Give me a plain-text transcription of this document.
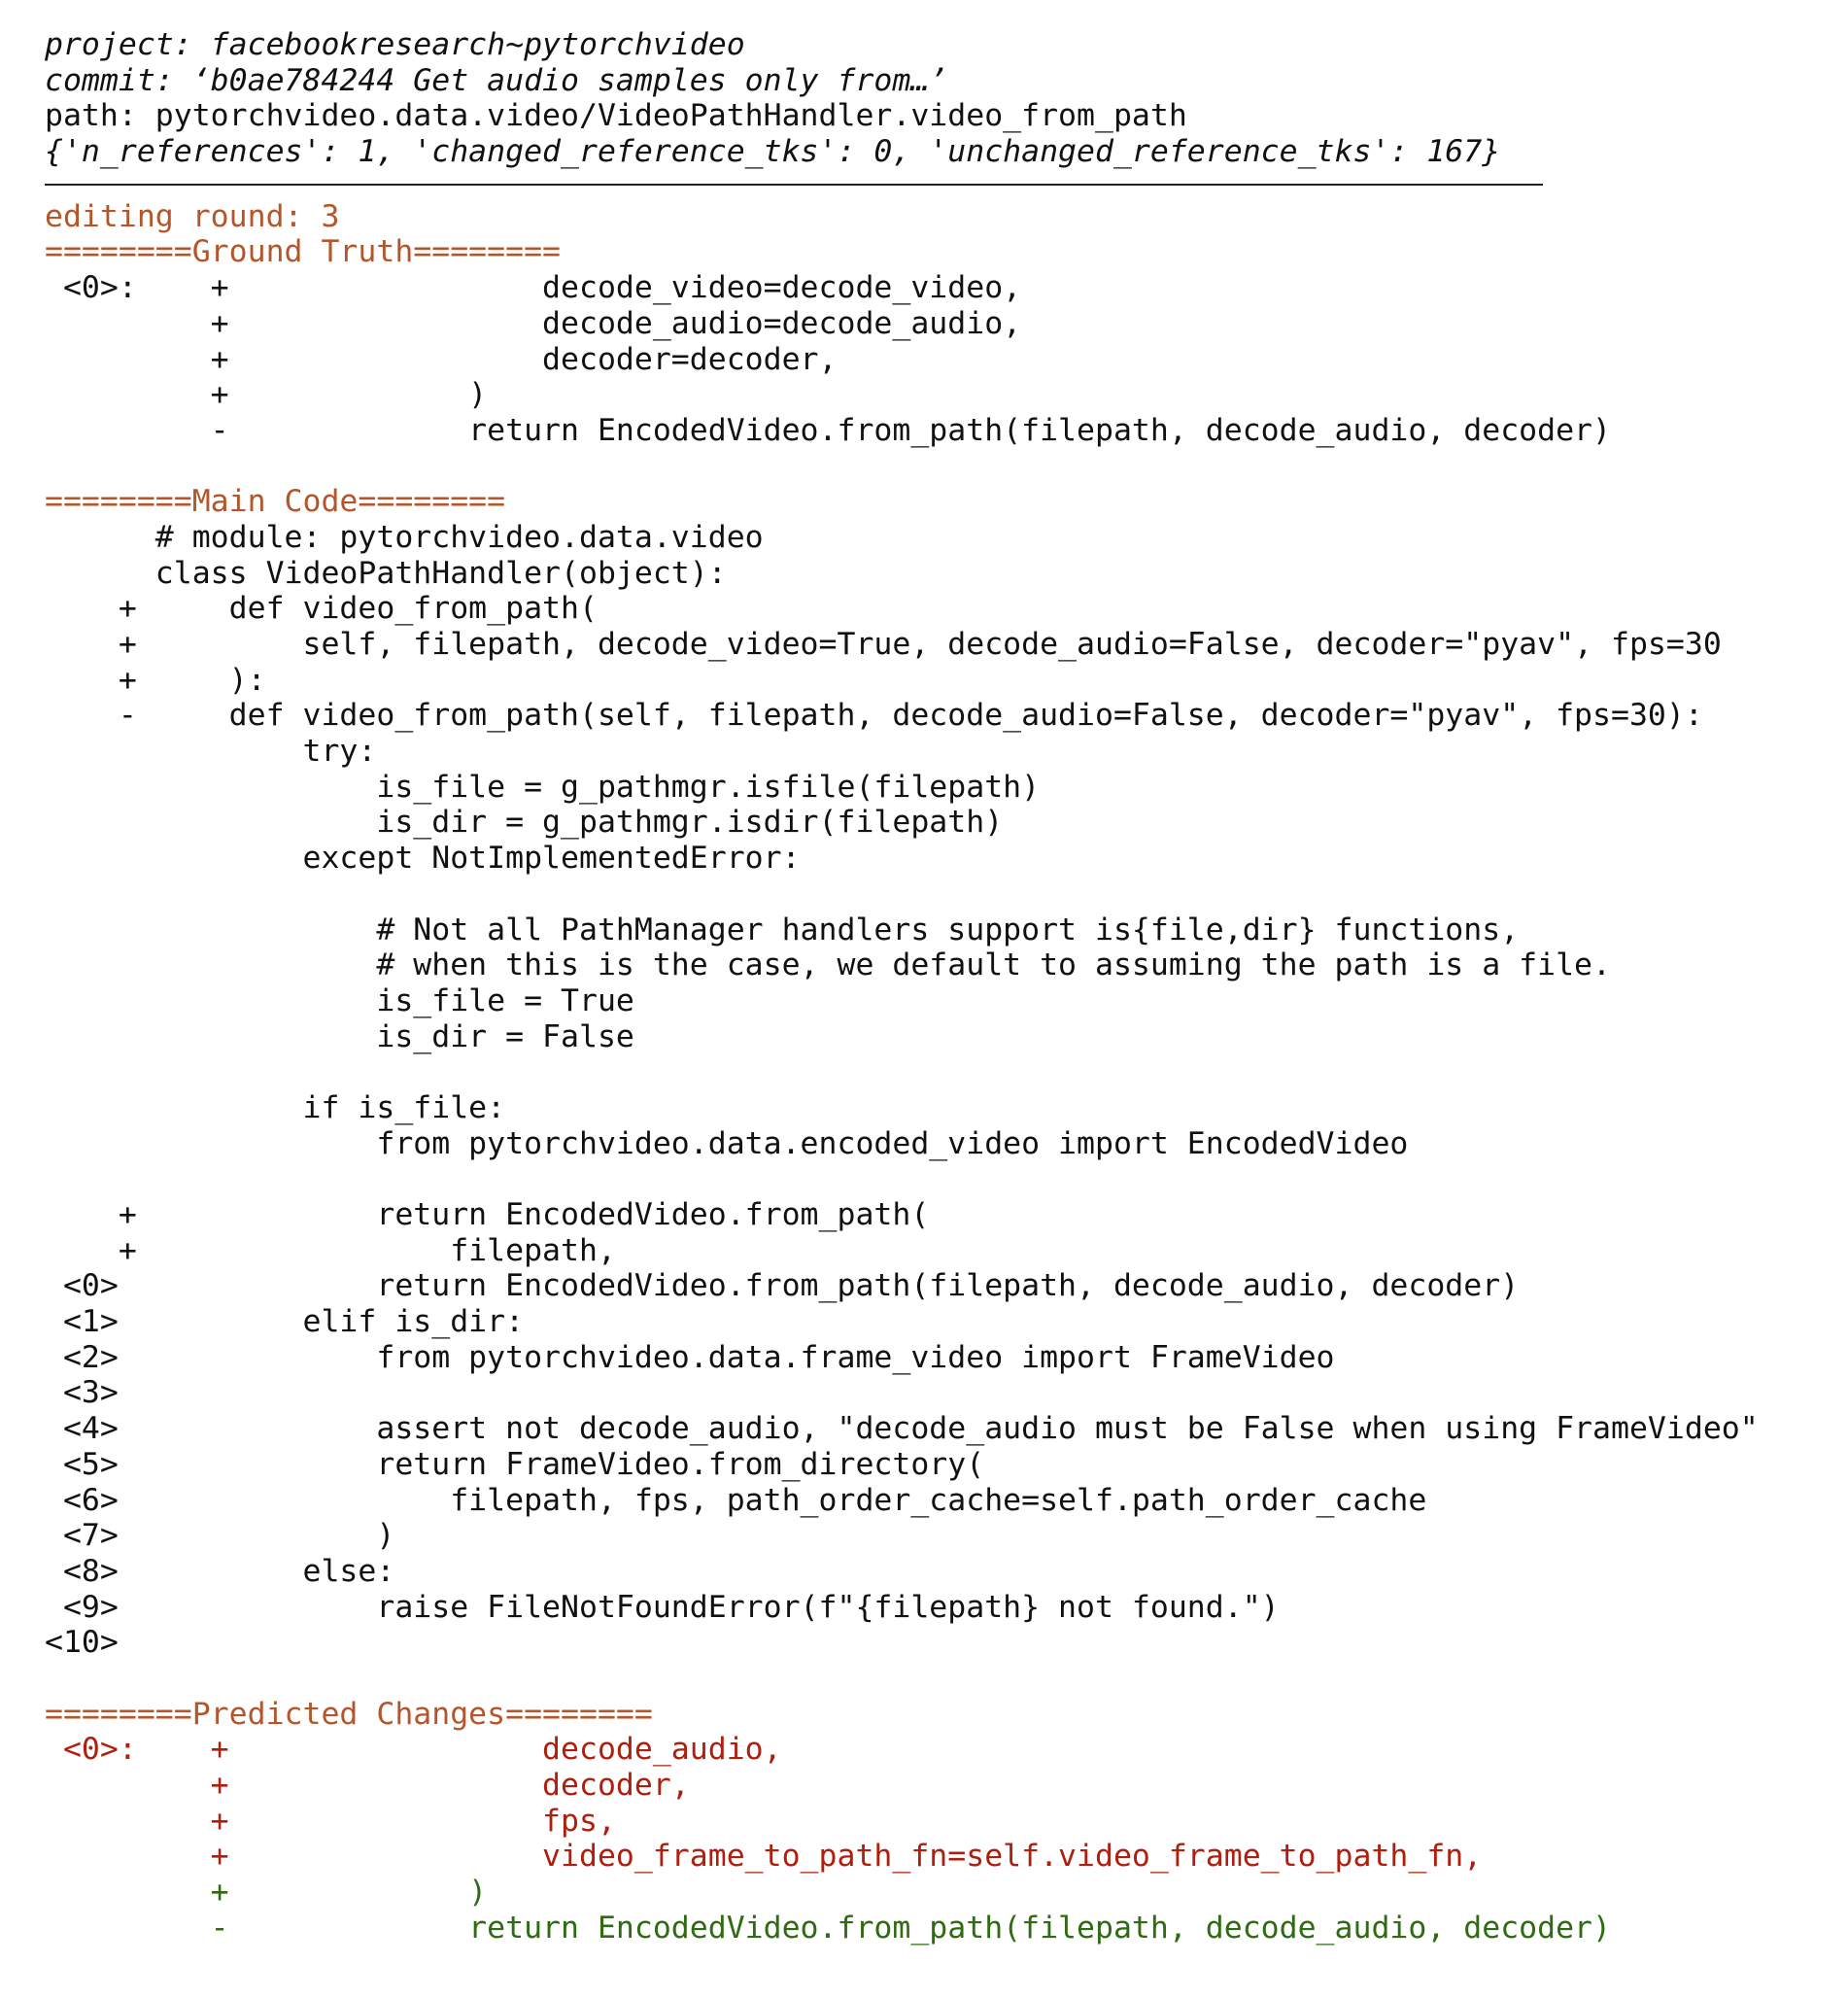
project: facebookresearch~pytorchvideo
commit: ‘b0ae784244 Get audio samples only from…’
path: pytorchvideo.data.video/VideoPathHandler.video_from_path
{'n_references': 1, 'changed_reference_tks': 0, 'unchanged_reference_tks': 167}
editing round: 3
========Ground Truth========
<0>:    +                 decode_video=decode_video,
+                 decode_audio=decode_audio,
+                 decoder=decoder,
+             )
-             return EncodedVideo.from_path(filepath, decode_audio, decoder)
========Main Code========
# module: pytorchvideo.data.video
class VideoPathHandler(object):
+     def video_from_path(
+         self, filepath, decode_video=True, decode_audio=False, decoder="pyav", fps=30
+     ):
-     def video_from_path(self, filepath, decode_audio=False, decoder="pyav", fps=30):
try:
is_file = g_pathmgr.isfile(filepath)
is_dir = g_pathmgr.isdir(filepath)
except NotImplementedError:
# Not all PathManager handlers support is{file,dir} functions,
# when this is the case, we default to assuming the path is a file.
is_file = True
is_dir = False
if is_file:
from pytorchvideo.data.encoded_video import EncodedVideo
+             return EncodedVideo.from_path(
+                 filepath,
<0>              return EncodedVideo.from_path(filepath, decode_audio, decoder)
<1>          elif is_dir:
<2>              from pytorchvideo.data.frame_video import FrameVideo
<3>
<4>              assert not decode_audio, "decode_audio must be False when using FrameVideo"
<5>              return FrameVideo.from_directory(
<6>                  filepath, fps, path_order_cache=self.path_order_cache
<7>              )
<8>          else:
<9>              raise FileNotFoundError(f"{filepath} not found.")
<10>
========Predicted Changes========
<0>:    +                 decode_audio,
+                 decoder,
+                 fps,
+                 video_frame_to_path_fn=self.video_frame_to_path_fn,
+             )
-             return EncodedVideo.from_path(filepath, decode_audio, decoder)
